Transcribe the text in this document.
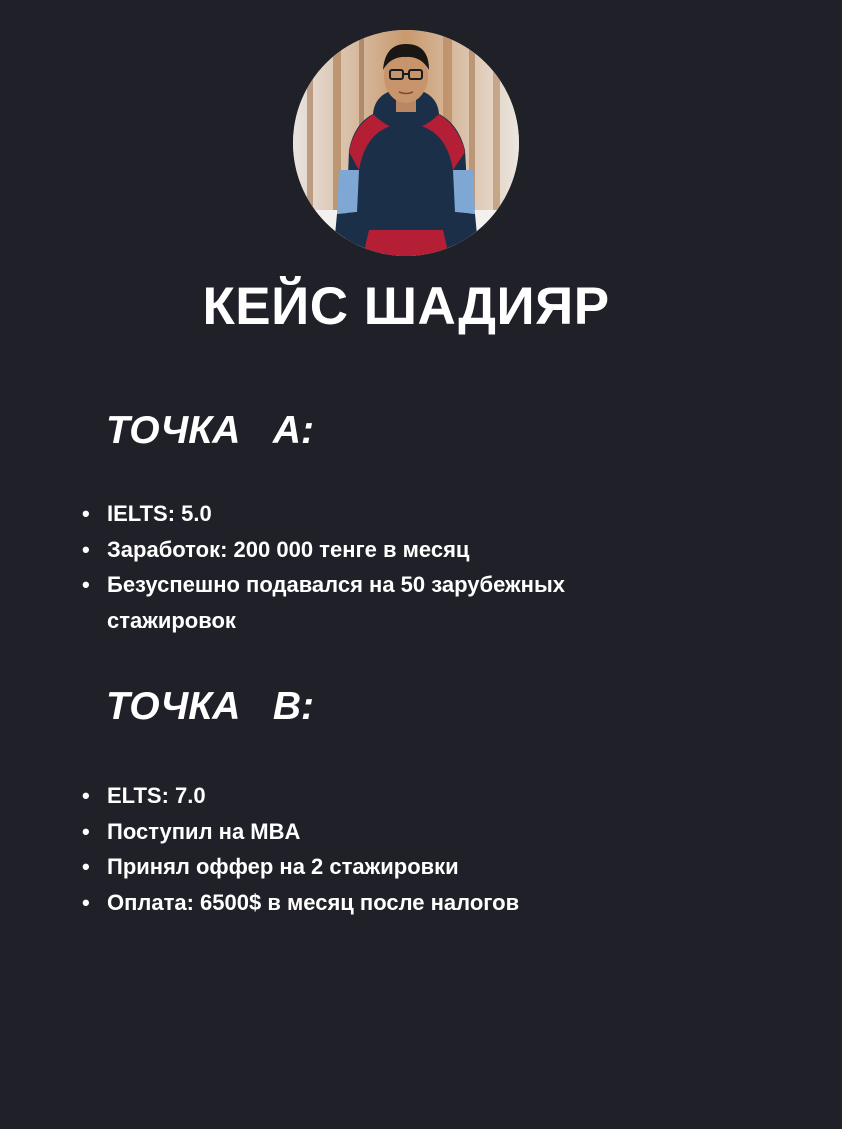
КЕЙС ШАДИЯР
ТОЧКА   А:
• IELTS: 5.0
• Заработок: 200 000 тенге в месяц
• Безуспешно подавался на 50 зарубежных стажировок
ТОЧКА   В:
• ELTS: 7.0
• Поступил на MBA
• Принял оффер на 2 стажировки
• Оплата: 6500$ в месяц после налогов
